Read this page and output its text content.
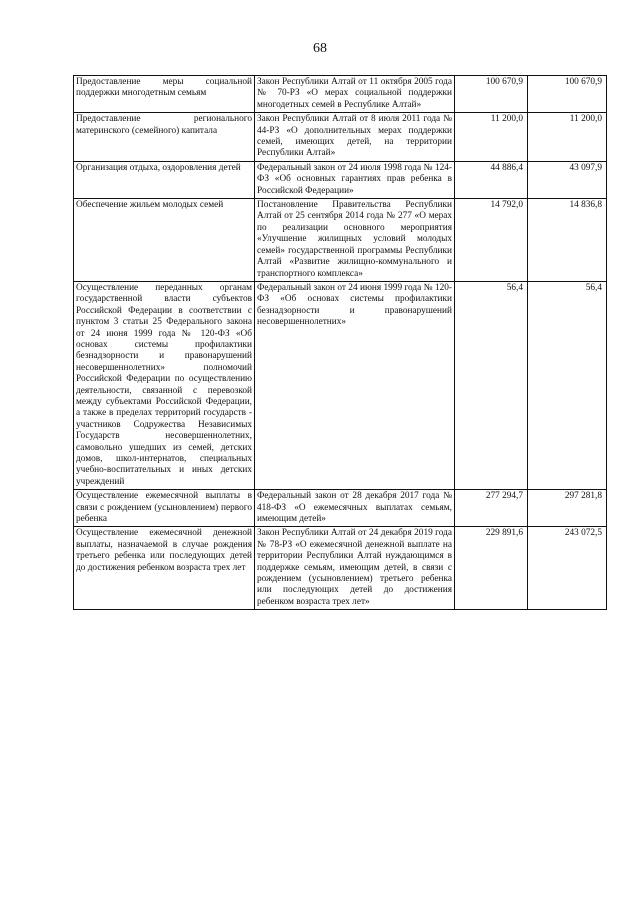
68
Предоставление меры социальной поддержки многодетным семьям	Закон Республики Алтай от 11 октября 2005 года № 70-РЗ «О мерах социальной поддержки многодетных семей в Республике Алтай»	100 670,9	100 670,9
Предоставление регионального материнского (семейного) капитала	Закон Республики Алтай от 8 июля 2011 года № 44-РЗ «О дополнительных мерах поддержки семей, имеющих детей, на территории Республики Алтай»	11 200,0	11 200,0
Организация отдыха, оздоровления детей	Федеральный закон от 24 июля 1998 года № 124-ФЗ «Об основных гарантиях прав ребенка в Российской Федерации»	44 886,4	43 097,9
Обеспечение жильем молодых семей	Постановление Правительства Республики Алтай от 25 сентября 2014 года № 277 «О мерах по реализации основного мероприятия «Улучшение жилищных условий молодых семей» государственной программы Республики Алтай «Развитие жилищно-коммунального и транспортного комплекса»	14 792,0	14 836,8
Осуществление переданных органам государственной власти субъектов Российской Федерации в соответствии с пунктом 3 статьи 25 Федерального закона от 24 июня 1999 года № 120-ФЗ «Об основах системы профилактики безнадзорности и правонарушений несовершеннолетних» полномочий Российской Федерации по осуществлению деятельности, связанной с перевозкой между субъектами Российской Федерации, а также в пределах территорий государств - участников Содружества Независимых Государств несовершеннолетних, самовольно ушедших из семей, детских домов, школ-интернатов, специальных учебно-воспитательных и иных детских учреждений	Федеральный закон от 24 июня 1999 года № 120-ФЗ «Об основах системы профилактики безнадзорности и правонарушений несовершеннолетних»	56,4	56,4
Осуществление ежемесячной выплаты в связи с рождением (усыновлением) первого ребенка	Федеральный закон от 28 декабря 2017 года № 418-ФЗ «О ежемесячных выплатах семьям, имеющим детей»	277 294,7	297 281,8
Осуществление ежемесячной денежной выплаты, назначаемой в случае рождения третьего ребенка или последующих детей до достижения ребенком возраста трех лет	Закон Республики Алтай от 24 декабря 2019 года № 78-РЗ «О ежемесячной денежной выплате на территории Республики Алтай нуждающимся в поддержке семьям, имеющим детей, в связи с рождением (усыновлением) третьего ребенка или последующих детей до достижения ребенком возраста трех лет»	229 891,6	243 072,5
